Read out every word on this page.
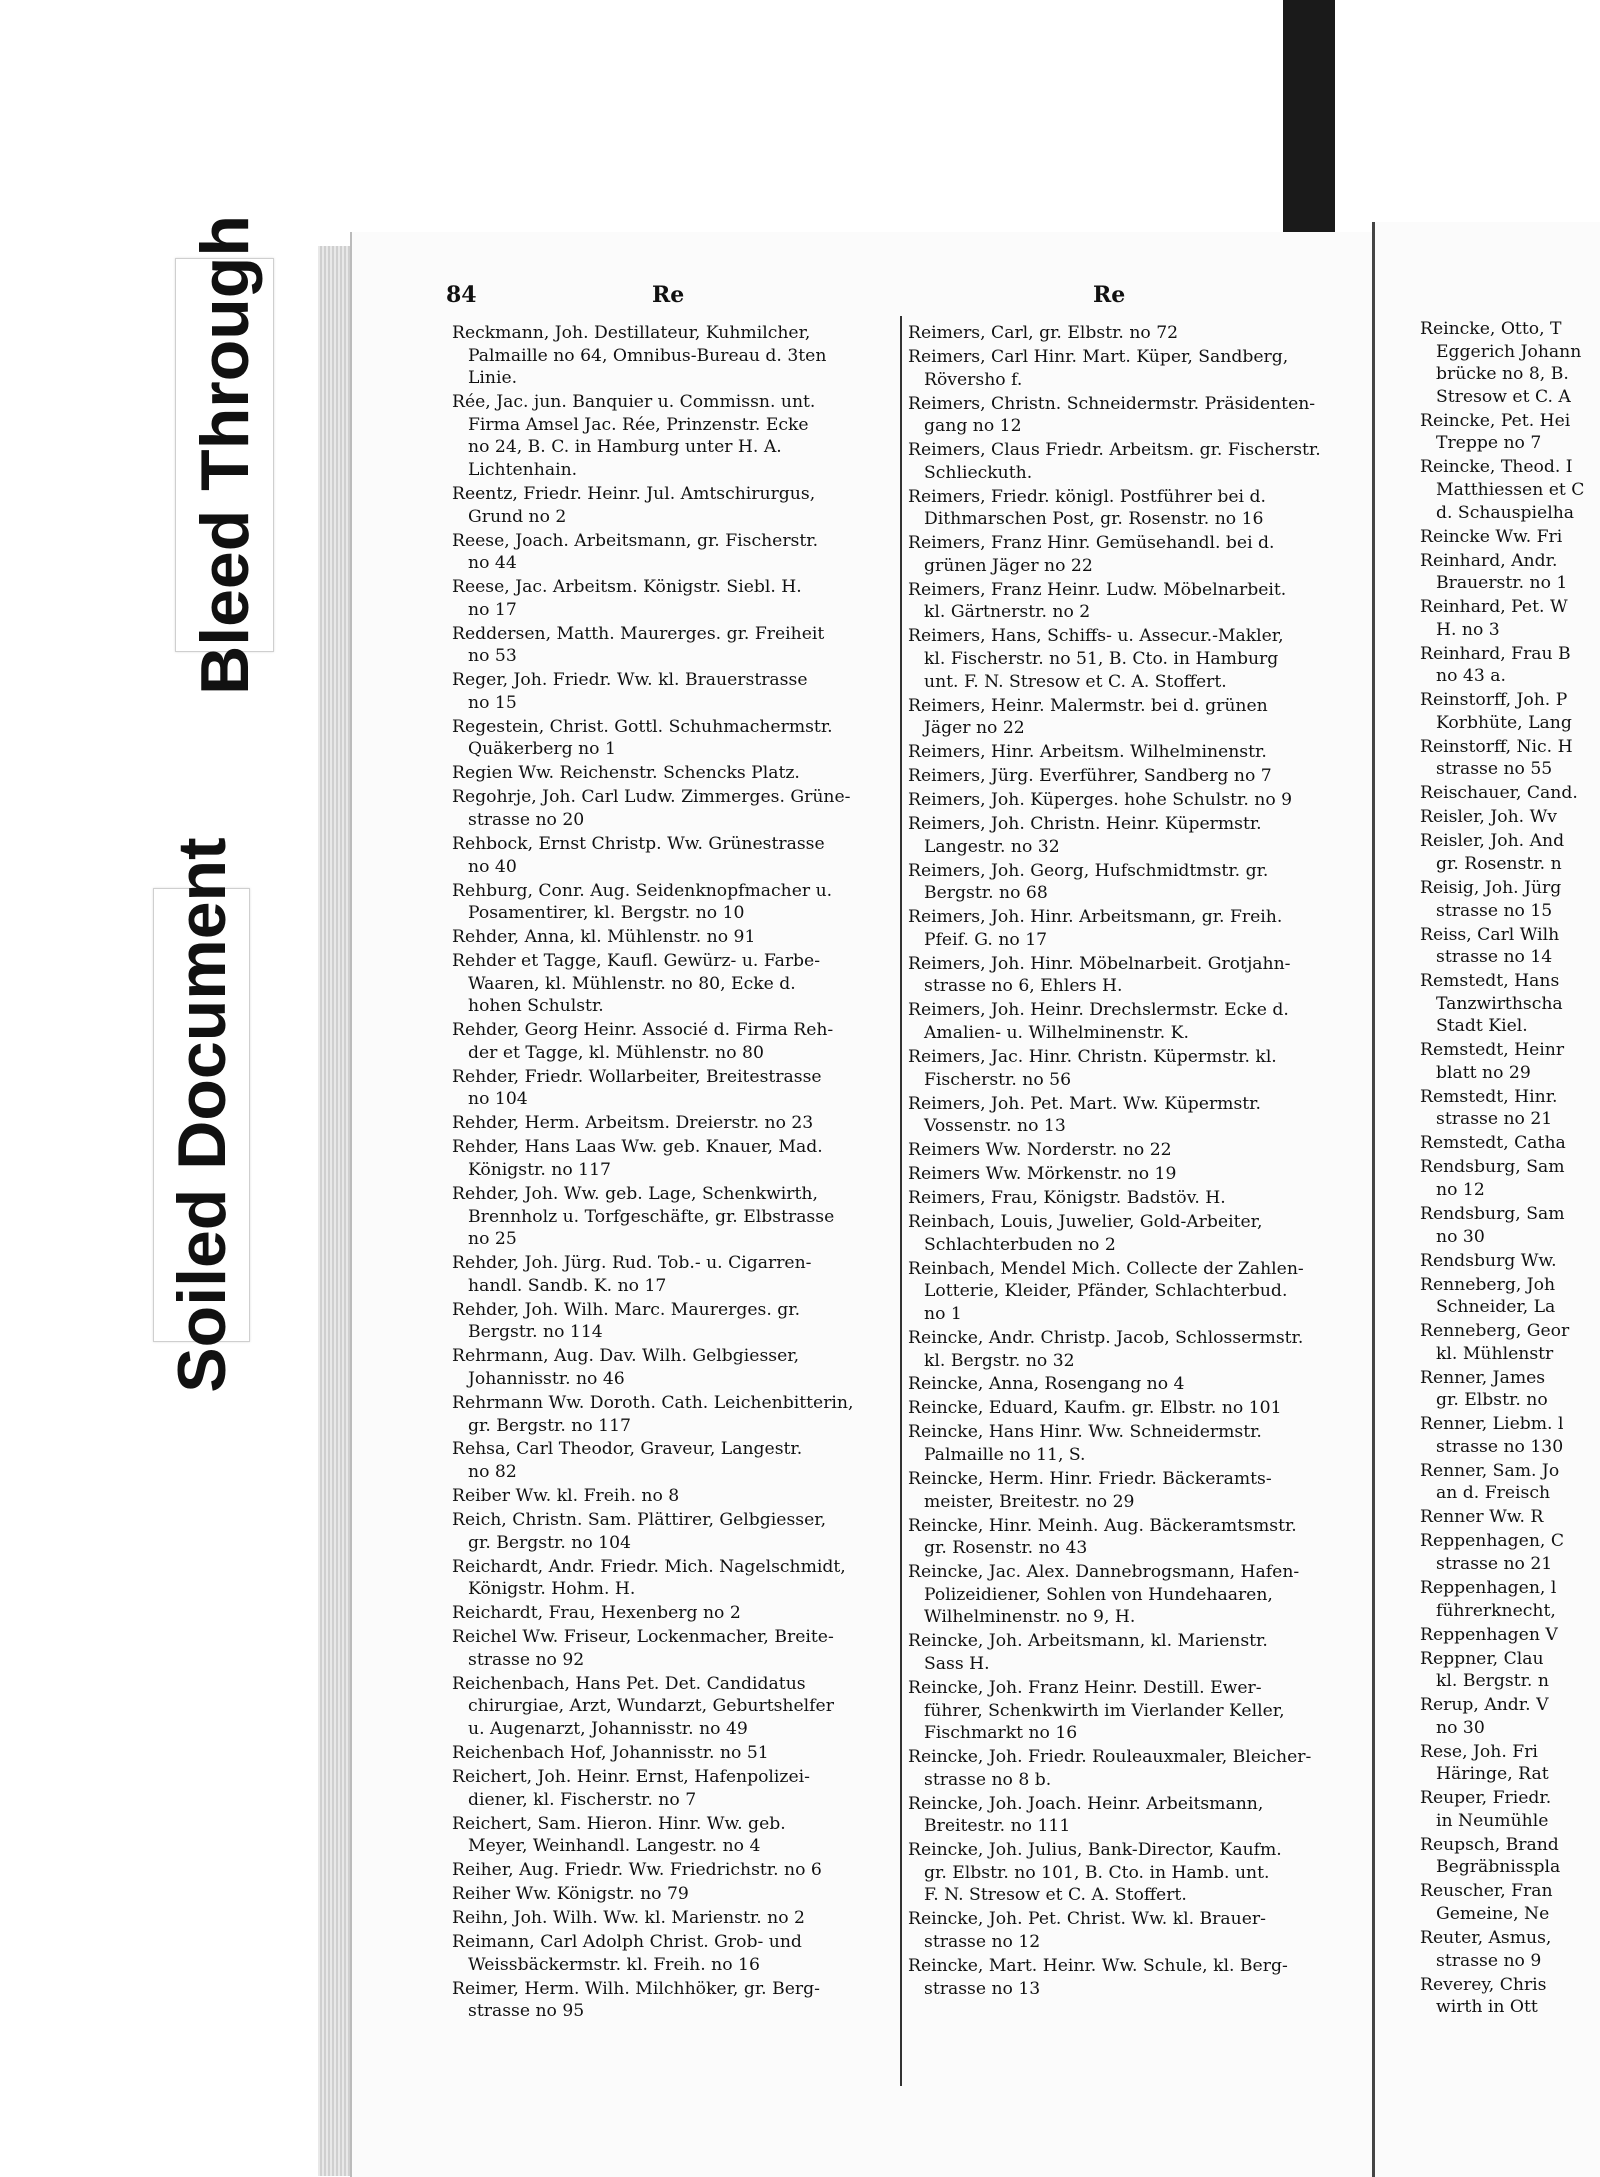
Bleed Through
Soiled Document
84	Re	Re
Reckmann, Joh. Destillateur, Kuhmilcher,
Palmaille no 64, Omnibus-Bureau d. 3ten
Linie.
Rée, Jac. jun. Banquier u. Commissn. unt.
Firma Amsel Jac. Rée, Prinzenstr. Ecke
no 24, B. C. in Hamburg unter H. A.
Lichtenhain.
Reentz, Friedr. Heinr. Jul. Amtschirurgus,
Grund no 2
Reese, Joach. Arbeitsmann, gr. Fischerstr.
no 44
Reese, Jac. Arbeitsm. Königstr. Siebl. H.
no 17
Reddersen, Matth. Maurerges. gr. Freiheit
no 53
Reger, Joh. Friedr. Ww. kl. Brauerstrasse
no 15
Regestein, Christ. Gottl. Schuhmachermstr.
Quäkerberg no 1
Regien Ww. Reichenstr. Schencks Platz.
Regohrje, Joh. Carl Ludw. Zimmerges. Grüne-
strasse no 20
Rehbock, Ernst Christp. Ww. Grünestrasse
no 40
Rehburg, Conr. Aug. Seidenknopfmacher u.
Posamentirer, kl. Bergstr. no 10
Rehder, Anna, kl. Mühlenstr. no 91
Rehder et Tagge, Kaufl. Gewürz- u. Farbe-
Waaren, kl. Mühlenstr. no 80, Ecke d.
hohen Schulstr.
Rehder, Georg Heinr. Associé d. Firma Reh-
der et Tagge, kl. Mühlenstr. no 80
Rehder, Friedr. Wollarbeiter, Breitestrasse
no 104
Rehder, Herm. Arbeitsm. Dreierstr. no 23
Rehder, Hans Laas Ww. geb. Knauer, Mad.
Königstr. no 117
Rehder, Joh. Ww. geb. Lage, Schenkwirth,
Brennholz u. Torfgeschäfte, gr. Elbstrasse
no 25
Rehder, Joh. Jürg. Rud. Tob.- u. Cigarren-
handl. Sandb. K. no 17
Rehder, Joh. Wilh. Marc. Maurerges. gr.
Bergstr. no 114
Rehrmann, Aug. Dav. Wilh. Gelbgiesser,
Johannisstr. no 46
Rehrmann Ww. Doroth. Cath. Leichenbitterin,
gr. Bergstr. no 117
Rehsa, Carl Theodor, Graveur, Langestr.
no 82
Reiber Ww. kl. Freih. no 8
Reich, Christn. Sam. Plättirer, Gelbgiesser,
gr. Bergstr. no 104
Reichardt, Andr. Friedr. Mich. Nagelschmidt,
Königstr. Hohm. H.
Reichardt, Frau, Hexenberg no 2
Reichel Ww. Friseur, Lockenmacher, Breite-
strasse no 92
Reichenbach, Hans Pet. Det. Candidatus
chirurgiae, Arzt, Wundarzt, Geburtshelfer
u. Augenarzt, Johannisstr. no 49
Reichenbach Hof, Johannisstr. no 51
Reichert, Joh. Heinr. Ernst, Hafenpolizei-
diener, kl. Fischerstr. no 7
Reichert, Sam. Hieron. Hinr. Ww. geb.
Meyer, Weinhandl. Langestr. no 4
Reiher, Aug. Friedr. Ww. Friedrichstr. no 6
Reiher Ww. Königstr. no 79
Reihn, Joh. Wilh. Ww. kl. Marienstr. no 2
Reimann, Carl Adolph Christ. Grob- und
Weissbäckermstr. kl. Freih. no 16
Reimer, Herm. Wilh. Milchhöker, gr. Berg-
strasse no 95
Reimers, Carl, gr. Elbstr. no 72
Reimers, Carl Hinr. Mart. Küper, Sandberg,
Röversho f.
Reimers, Christn. Schneidermstr. Präsidenten-
gang no 12
Reimers, Claus Friedr. Arbeitsm. gr. Fischerstr.
Schlieckuth.
Reimers, Friedr. königl. Postführer bei d.
Dithmarschen Post, gr. Rosenstr. no 16
Reimers, Franz Hinr. Gemüsehandl. bei d.
grünen Jäger no 22
Reimers, Franz Heinr. Ludw. Möbelnarbeit.
kl. Gärtnerstr. no 2
Reimers, Hans, Schiffs- u. Assecur.-Makler,
kl. Fischerstr. no 51, B. Cto. in Hamburg
unt. F. N. Stresow et C. A. Stoffert.
Reimers, Heinr. Malermstr. bei d. grünen
Jäger no 22
Reimers, Hinr. Arbeitsm. Wilhelminenstr.
Reimers, Jürg. Everführer, Sandberg no 7
Reimers, Joh. Küperges. hohe Schulstr. no 9
Reimers, Joh. Christn. Heinr. Küpermstr.
Langestr. no 32
Reimers, Joh. Georg, Hufschmidtmstr. gr.
Bergstr. no 68
Reimers, Joh. Hinr. Arbeitsmann, gr. Freih.
Pfeif. G. no 17
Reimers, Joh. Hinr. Möbelnarbeit. Grotjahn-
strasse no 6, Ehlers H.
Reimers, Joh. Heinr. Drechslermstr. Ecke d.
Amalien- u. Wilhelminenstr. K.
Reimers, Jac. Hinr. Christn. Küpermstr. kl.
Fischerstr. no 56
Reimers, Joh. Pet. Mart. Ww. Küpermstr.
Vossenstr. no 13
Reimers Ww. Norderstr. no 22
Reimers Ww. Mörkenstr. no 19
Reimers, Frau, Königstr. Badstöv. H.
Reinbach, Louis, Juwelier, Gold-Arbeiter,
Schlachterbuden no 2
Reinbach, Mendel Mich. Collecte der Zahlen-
Lotterie, Kleider, Pfänder, Schlachterbud.
no 1
Reincke, Andr. Christp. Jacob, Schlossermstr.
kl. Bergstr. no 32
Reincke, Anna, Rosengang no 4
Reincke, Eduard, Kaufm. gr. Elbstr. no 101
Reincke, Hans Hinr. Ww. Schneidermstr.
Palmaille no 11, S.
Reincke, Herm. Hinr. Friedr. Bäckeramts-
meister, Breitestr. no 29
Reincke, Hinr. Meinh. Aug. Bäckeramtsmstr.
gr. Rosenstr. no 43
Reincke, Jac. Alex. Dannebrogsmann, Hafen-
Polizeidiener, Sohlen von Hundehaaren,
Wilhelminenstr. no 9, H.
Reincke, Joh. Arbeitsmann, kl. Marienstr.
Sass H.
Reincke, Joh. Franz Heinr. Destill. Ewer-
führer, Schenkwirth im Vierlander Keller,
Fischmarkt no 16
Reincke, Joh. Friedr. Rouleauxmaler, Bleicher-
strasse no 8 b.
Reincke, Joh. Joach. Heinr. Arbeitsmann,
Breitestr. no 111
Reincke, Joh. Julius, Bank-Director, Kaufm.
gr. Elbstr. no 101, B. Cto. in Hamb. unt.
F. N. Stresow et C. A. Stoffert.
Reincke, Joh. Pet. Christ. Ww. kl. Brauer-
strasse no 12
Reincke, Mart. Heinr. Ww. Schule, kl. Berg-
strasse no 13
Reincke, Otto, T
Eggerich Johann
brücke no 8, B.
Stresow et C. A
Reincke, Pet. Hei
Treppe no 7
Reincke, Theod. I
Matthiessen et C
d. Schauspielha
Reincke Ww. Fri
Reinhard, Andr.
Brauerstr. no 1
Reinhard, Pet. W
H. no 3
Reinhard, Frau B
no 43 a.
Reinstorff, Joh. P
Korbhüte, Lang
Reinstorff, Nic. H
strasse no 55
Reischauer, Cand.
Reisler, Joh. Wv
Reisler, Joh. And
gr. Rosenstr. n
Reisig, Joh. Jürg
strasse no 15
Reiss, Carl Wilh
strasse no 14
Remstedt, Hans
Tanzwirthscha
Stadt Kiel.
Remstedt, Heinr
blatt no 29
Remstedt, Hinr.
strasse no 21
Remstedt, Catha
Rendsburg, Sam
no 12
Rendsburg, Sam
no 30
Rendsburg Ww.
Renneberg, Joh
Schneider, La
Renneberg, Geor
kl. Mühlenstr
Renner, James
gr. Elbstr. no
Renner, Liebm. l
strasse no 130
Renner, Sam. Jo
an d. Freisch
Renner Ww. R
Reppenhagen, C
strasse no 21
Reppenhagen, l
führerknecht,
Reppenhagen V
Reppner, Clau
kl. Bergstr. n
Rerup, Andr. V
no 30
Rese, Joh. Fri
Häringe, Rat
Reuper, Friedr.
in Neumühle
Reupsch, Brand
Begräbnisspla
Reuscher, Fran
Gemeine, Ne
Reuter, Asmus,
strasse no 9
Reverey, Chris
wirth in Ott
